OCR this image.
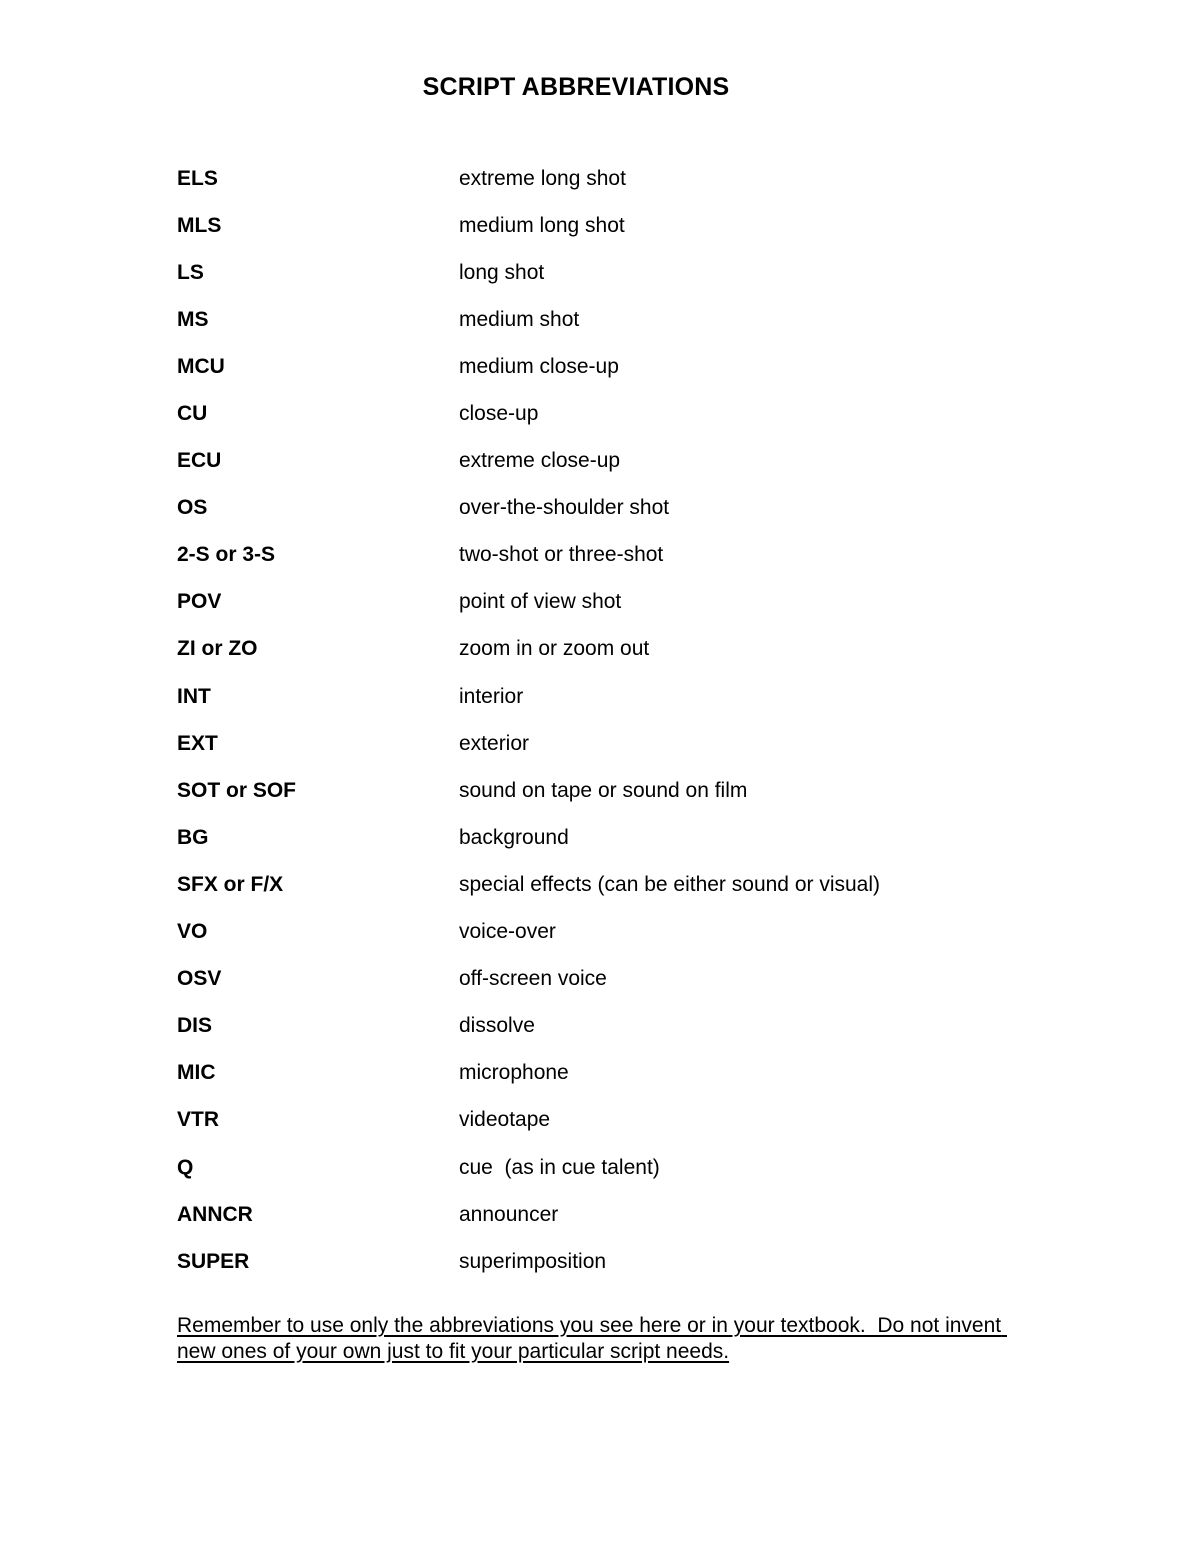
SCRIPT ABBREVIATIONS
ELS	extreme long shot
MLS	medium long shot
LS	long shot
MS	medium shot
MCU	medium close-up
CU	close-up
ECU	extreme close-up
OS	over-the-shoulder shot
2-S or 3-S	two-shot or three-shot
POV	point of view shot
ZI or ZO	zoom in or zoom out
INT	interior
EXT	exterior
SOT or SOF	sound on tape or sound on film
BG	background
SFX or F/X	special effects (can be either sound or visual)
VO	voice-over
OSV	off-screen voice
DIS	dissolve
MIC	microphone
VTR	videotape
Q	cue  (as in cue talent)
ANNCR	announcer
SUPER	superimposition

Remember to use only the abbreviations you see here or in your textbook.  Do not invent new ones of your own just to fit your particular script needs.
